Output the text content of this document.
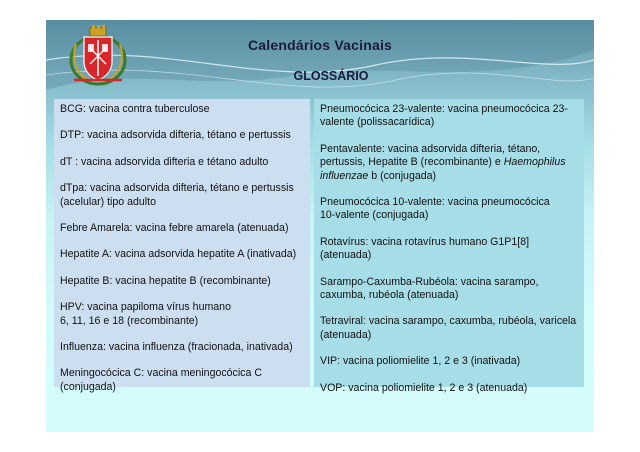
Calendários Vacinais
GLOSSÁRIO
BCG: vacina contra tuberculose
DTP: vacina adsorvida difteria, tétano e pertussis
dT : vacina adsorvida difteria e tétano adulto
dTpa: vacina adsorvida difteria, tétano e pertussis
(acelular) tipo adulto
Febre Amarela: vacina febre amarela (atenuada)
Hepatite A: vacina adsorvida hepatite A (inativada)
Hepatite B: vacina hepatite B (recombinante)
HPV: vacina papiloma vírus humano
6, 11, 16 e 18 (recombinante)
Influenza: vacina influenza (fracionada, inativada)
Meningocócica C: vacina meningocócica C
(conjugada)
Pneumocócica 23-valente: vacina pneumocócica 23-
valente (polissacarídica)
Pentavalente: vacina adsorvida difteria, tétano,
pertussis, Hepatite B (recombinante) e Haemophilus
influenzae b (conjugada)
Pneumocócica 10-valente: vacina pneumocócica
10-valente (conjugada)
Rotavírus: vacina rotavírus humano G1P1[8]
(atenuada)
Sarampo-Caxumba-Rubéola: vacina sarampo,
caxumba, rubéola (atenuada)
Tetraviral: vacina sarampo, caxumba, rubéola, varicela
(atenuada)
VIP: vacina poliomielite 1, 2 e 3 (inativada)
VOP: vacina poliomielite 1, 2 e 3 (atenuada)
